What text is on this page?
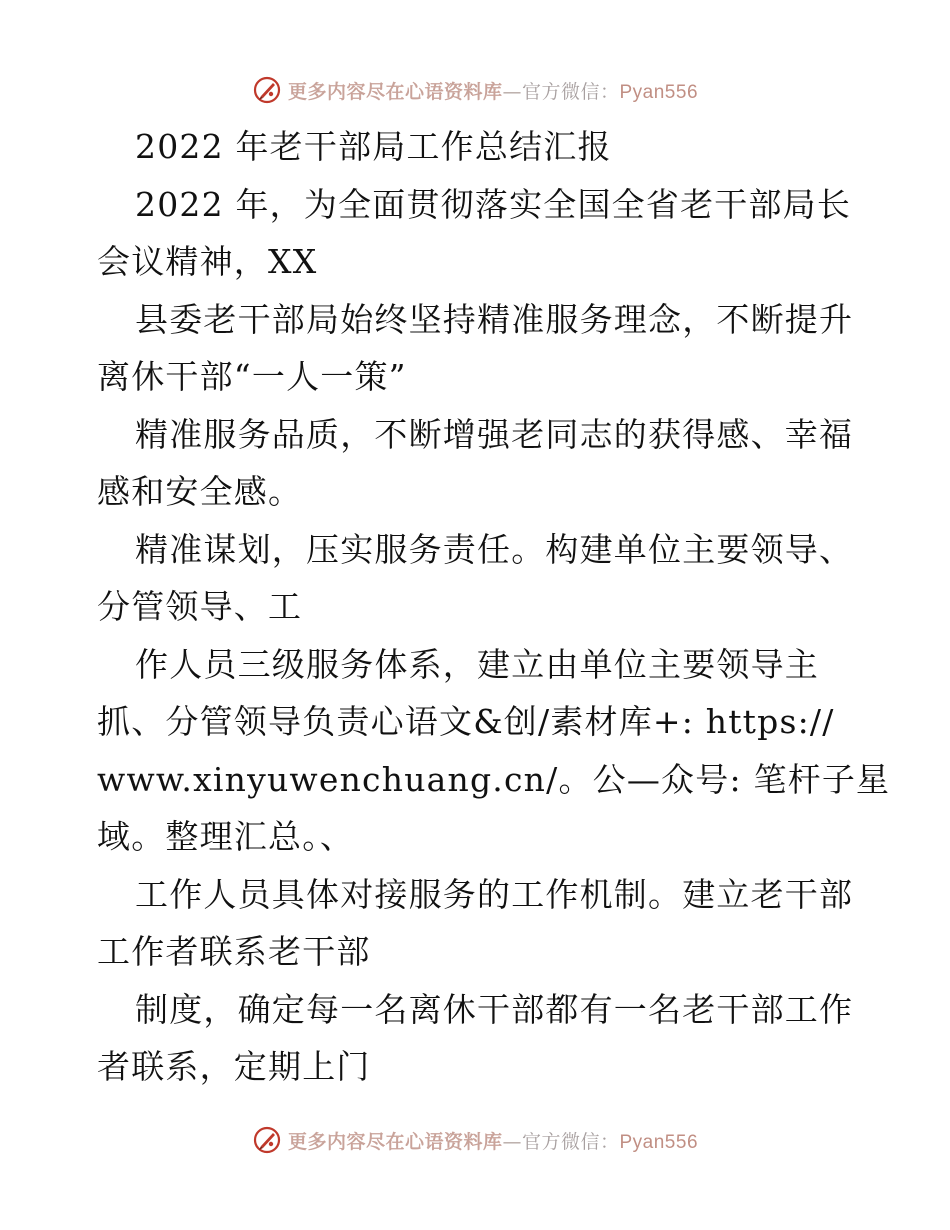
更多内容尽在心语资料库—官方微信：Pyan556
2022 年老干部局工作总结汇报
2022 年，为全面贯彻落实全国全省老干部局长
会议精神，XX
县委老干部局始终坚持精准服务理念，不断提升
离休干部“一人一策”
精准服务品质，不断增强老同志的获得感、幸福
感和安全感。
精准谋划，压实服务责任。构建单位主要领导、
分管领导、工
作人员三级服务体系，建立由单位主要领导主
抓、分管领导负责心语文&创/素材库+: https://
www.xinyuwenchuang.cn/。公—众号: 笔杆子星
域。整理汇总。、
工作人员具体对接服务的工作机制。建立老干部
工作者联系老干部
制度，确定每一名离休干部都有一名老干部工作
者联系，定期上门
更多内容尽在心语资料库—官方微信：Pyan556
